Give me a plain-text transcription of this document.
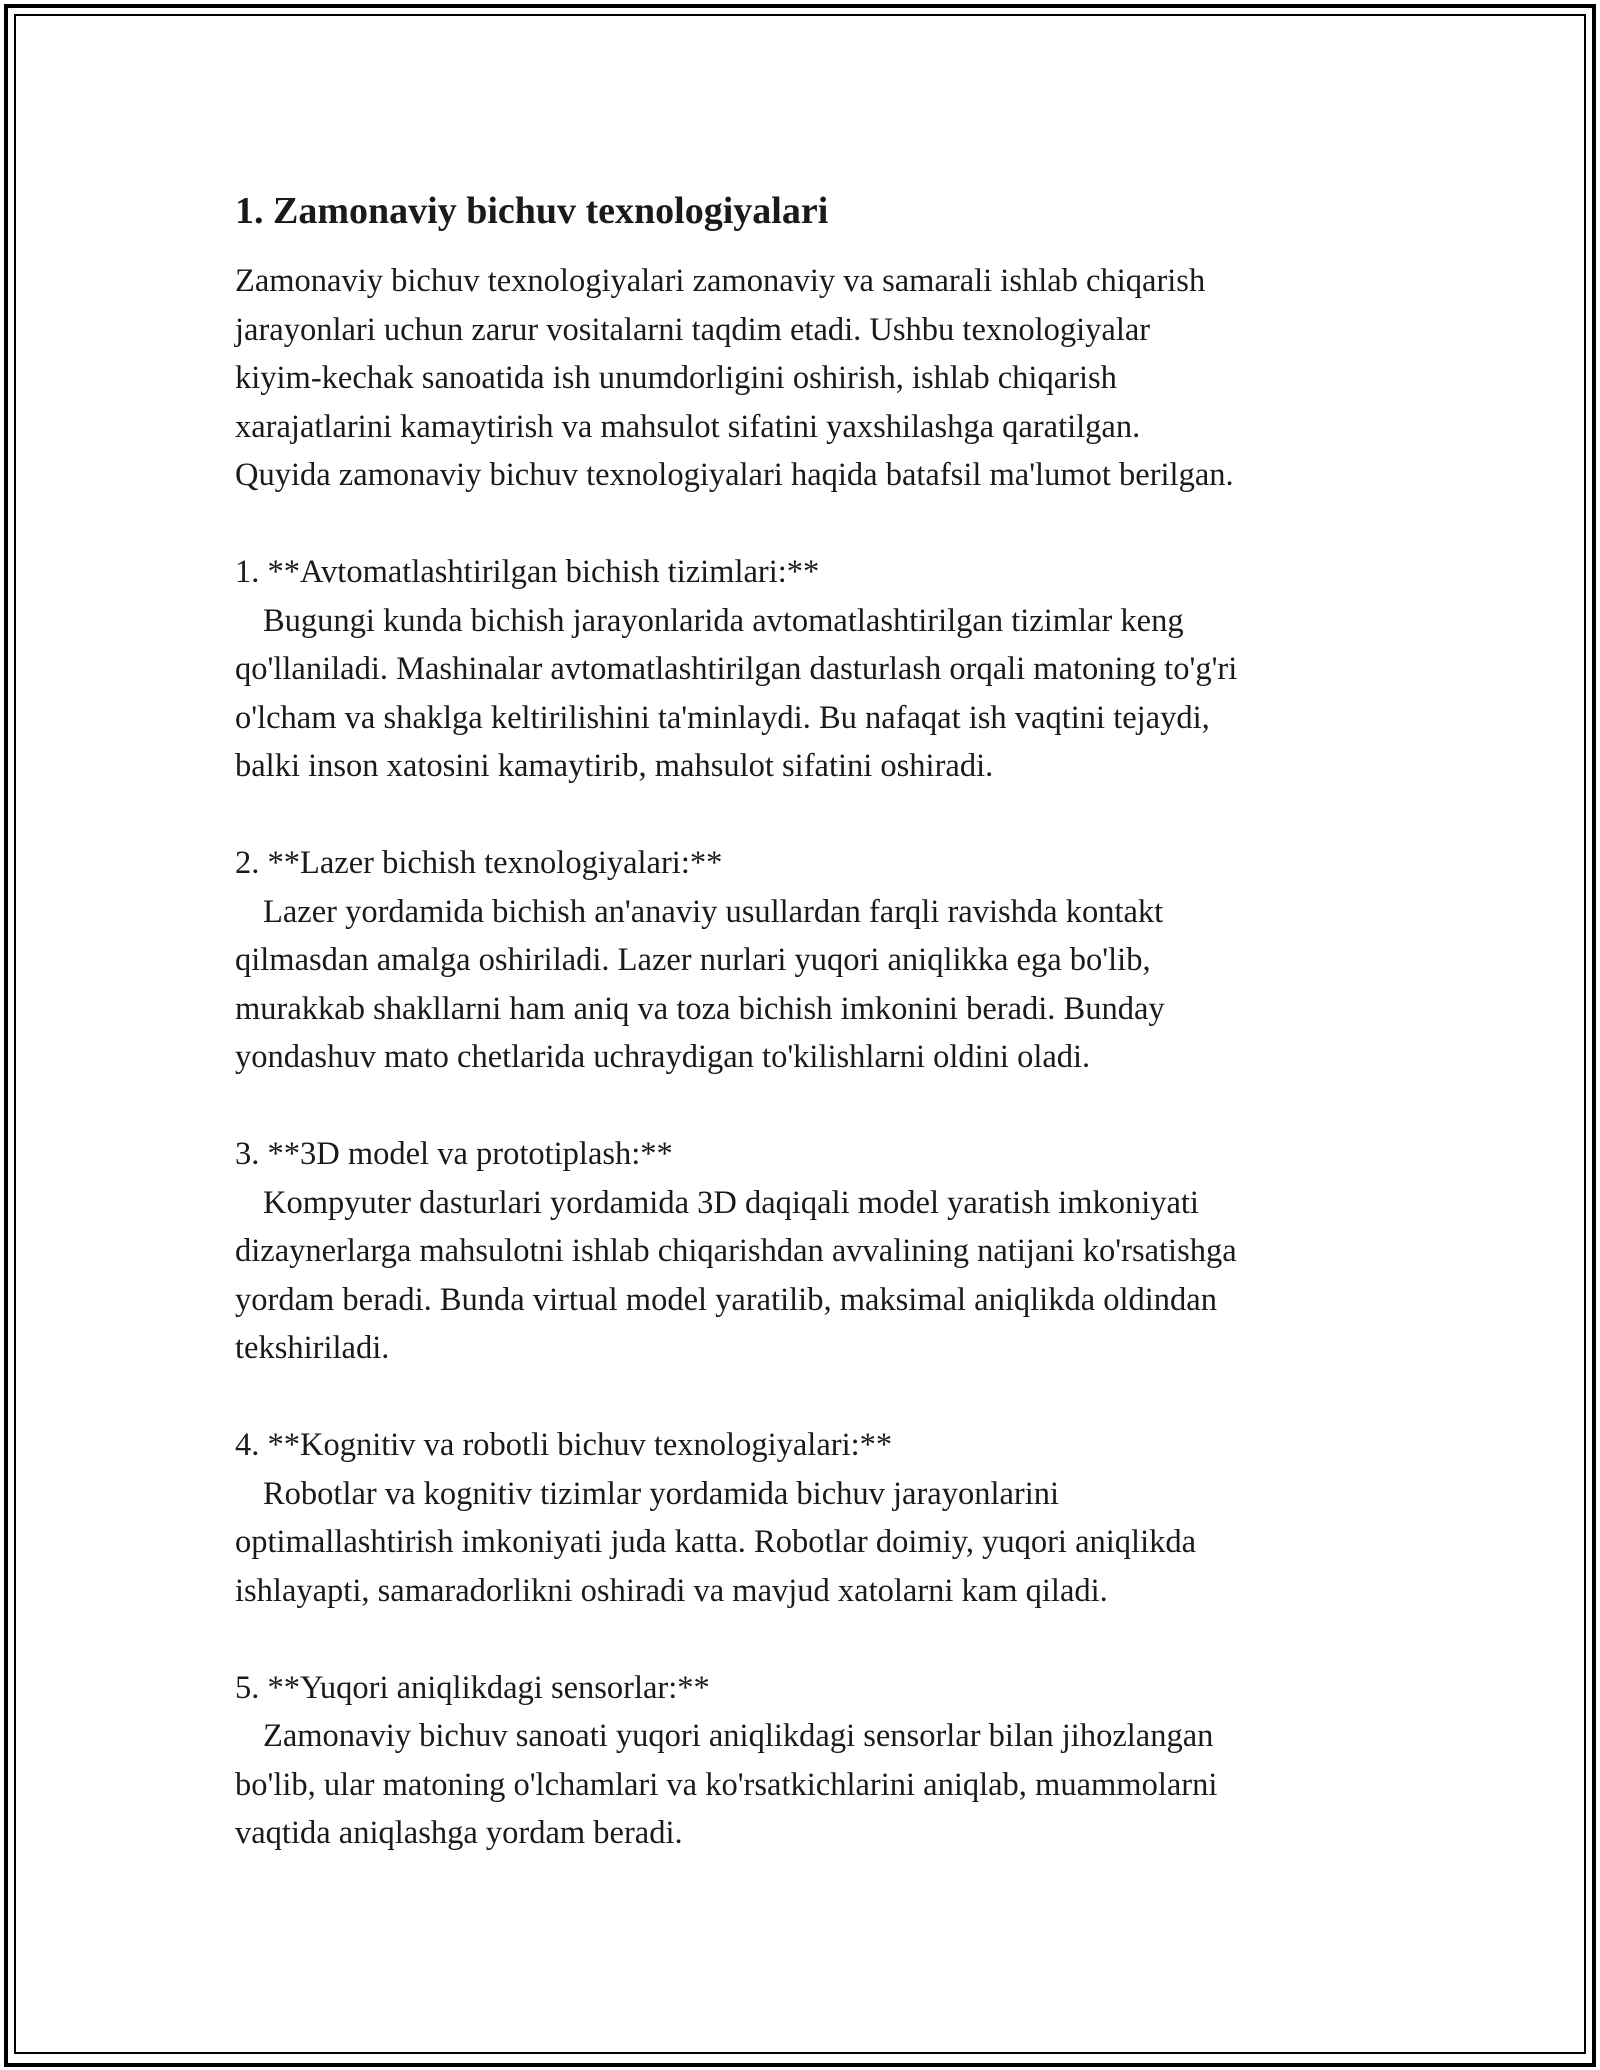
1. Zamonaviy bichuv texnologiyalari
Zamonaviy bichuv texnologiyalari zamonaviy va samarali ishlab chiqarish
jarayonlari uchun zarur vositalarni taqdim etadi. Ushbu texnologiyalar
kiyim-kechak sanoatida ish unumdorligini oshirish, ishlab chiqarish
xarajatlarini kamaytirish va mahsulot sifatini yaxshilashga qaratilgan.
Quyida zamonaviy bichuv texnologiyalari haqida batafsil ma'lumot berilgan.
1. **Avtomatlashtirilgan bichish tizimlari:**
Bugungi kunda bichish jarayonlarida avtomatlashtirilgan tizimlar keng
qo'llaniladi. Mashinalar avtomatlashtirilgan dasturlash orqali matoning to'g'ri
o'lcham va shaklga keltirilishini ta'minlaydi. Bu nafaqat ish vaqtini tejaydi,
balki inson xatosini kamaytirib, mahsulot sifatini oshiradi.
2. **Lazer bichish texnologiyalari:**
Lazer yordamida bichish an'anaviy usullardan farqli ravishda kontakt
qilmasdan amalga oshiriladi. Lazer nurlari yuqori aniqlikka ega bo'lib,
murakkab shakllarni ham aniq va toza bichish imkonini beradi. Bunday
yondashuv mato chetlarida uchraydigan to'kilishlarni oldini oladi.
3. **3D model va prototiplash:**
Kompyuter dasturlari yordamida 3D daqiqali model yaratish imkoniyati
dizaynerlarga mahsulotni ishlab chiqarishdan avvalining natijani ko'rsatishga
yordam beradi. Bunda virtual model yaratilib, maksimal aniqlikda oldindan
tekshiriladi.
4. **Kognitiv va robotli bichuv texnologiyalari:**
Robotlar va kognitiv tizimlar yordamida bichuv jarayonlarini
optimallashtirish imkoniyati juda katta. Robotlar doimiy, yuqori aniqlikda
ishlayapti, samaradorlikni oshiradi va mavjud xatolarni kam qiladi.
5. **Yuqori aniqlikdagi sensorlar:**
Zamonaviy bichuv sanoati yuqori aniqlikdagi sensorlar bilan jihozlangan
bo'lib, ular matoning o'lchamlari va ko'rsatkichlarini aniqlab, muammolarni
vaqtida aniqlashga yordam beradi.
